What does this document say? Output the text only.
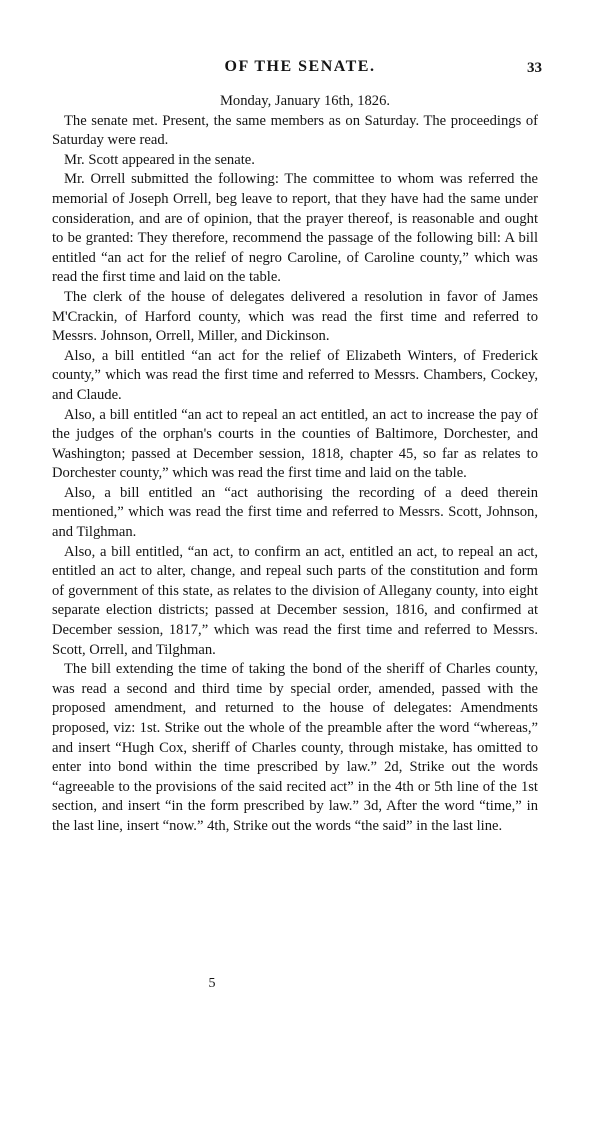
OF THE SENATE.	33

Monday, January 16th, 1826.

The senate met. Present, the same members as on Saturday. The proceedings of Saturday were read.

Mr. Scott appeared in the senate.

Mr. Orrell submitted the following: The committee to whom was referred the memorial of Joseph Orrell, beg leave to report, that they have had the same under consideration, and are of opinion, that the prayer thereof, is reasonable and ought to be granted: They therefore, recommend the passage of the following bill: A bill entitled “an act for the relief of negro Caroline, of Caroline county,” which was read the first time and laid on the table.

The clerk of the house of delegates delivered a resolution in favor of James M'Crackin, of Harford county, which was read the first time and referred to Messrs. Johnson, Orrell, Miller, and Dickinson.

Also, a bill entitled “an act for the relief of Elizabeth Winters, of Frederick county,” which was read the first time and referred to Messrs. Chambers, Cockey, and Claude.

Also, a bill entitled “an act to repeal an act entitled, an act to increase the pay of the judges of the orphan's courts in the counties of Baltimore, Dorchester, and Washington; passed at December session, 1818, chapter 45, so far as relates to Dorchester county,” which was read the first time and laid on the table.

Also, a bill entitled an “act authorising the recording of a deed therein mentioned,” which was read the first time and referred to Messrs. Scott, Johnson, and Tilghman.

Also, a bill entitled, “an act, to confirm an act, entitled an act, to repeal an act, entitled an act to alter, change, and repeal such parts of the constitution and form of government of this state, as relates to the division of Allegany county, into eight separate election districts; passed at December session, 1816, and confirmed at December session, 1817,” which was read the first time and referred to Messrs. Scott, Orrell, and Tilghman.

The bill extending the time of taking the bond of the sheriff of Charles county, was read a second and third time by special order, amended, passed with the proposed amendment, and returned to the house of delegates: Amendments proposed, viz: 1st. Strike out the whole of the preamble after the word “whereas,” and insert “Hugh Cox, sheriff of Charles county, through mistake, has omitted to enter into bond within the time prescribed by law.” 2d, Strike out the words “agreeable to the provisions of the said recited act” in the 4th or 5th line of the 1st section, and insert “in the form prescribed by law.” 3d, After the word “time,” in the last line, insert “now.” 4th, Strike out the words “the said” in the last line.

5
